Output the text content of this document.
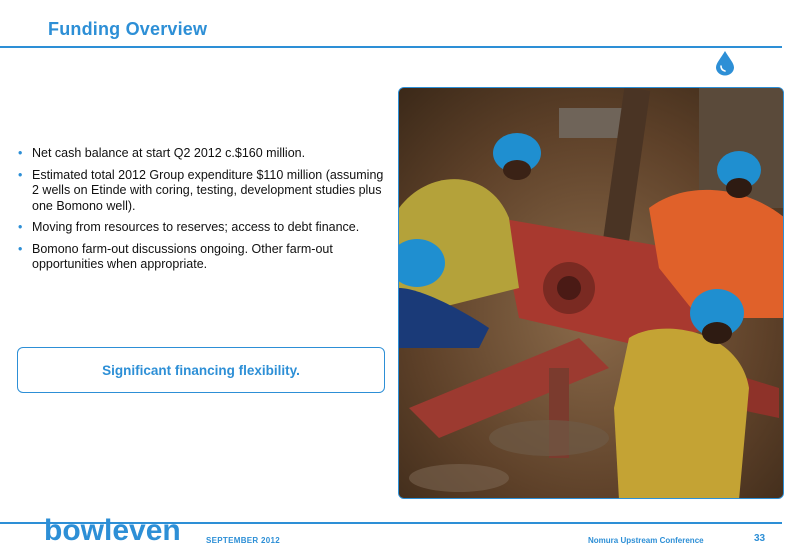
Funding Overview
• Net cash balance at start Q2 2012 c.$160 million.
• Estimated total 2012 Group expenditure $110 million (assuming 2 wells on Etinde with coring, testing, development studies plus one Bomono well).
• Moving from resources to reserves; access to debt finance.
• Bomono farm-out discussions ongoing. Other farm-out opportunities when appropriate.
Significant financing flexibility.
bowleven	SEPTEMBER 2012	Nomura Upstream Conference	33
